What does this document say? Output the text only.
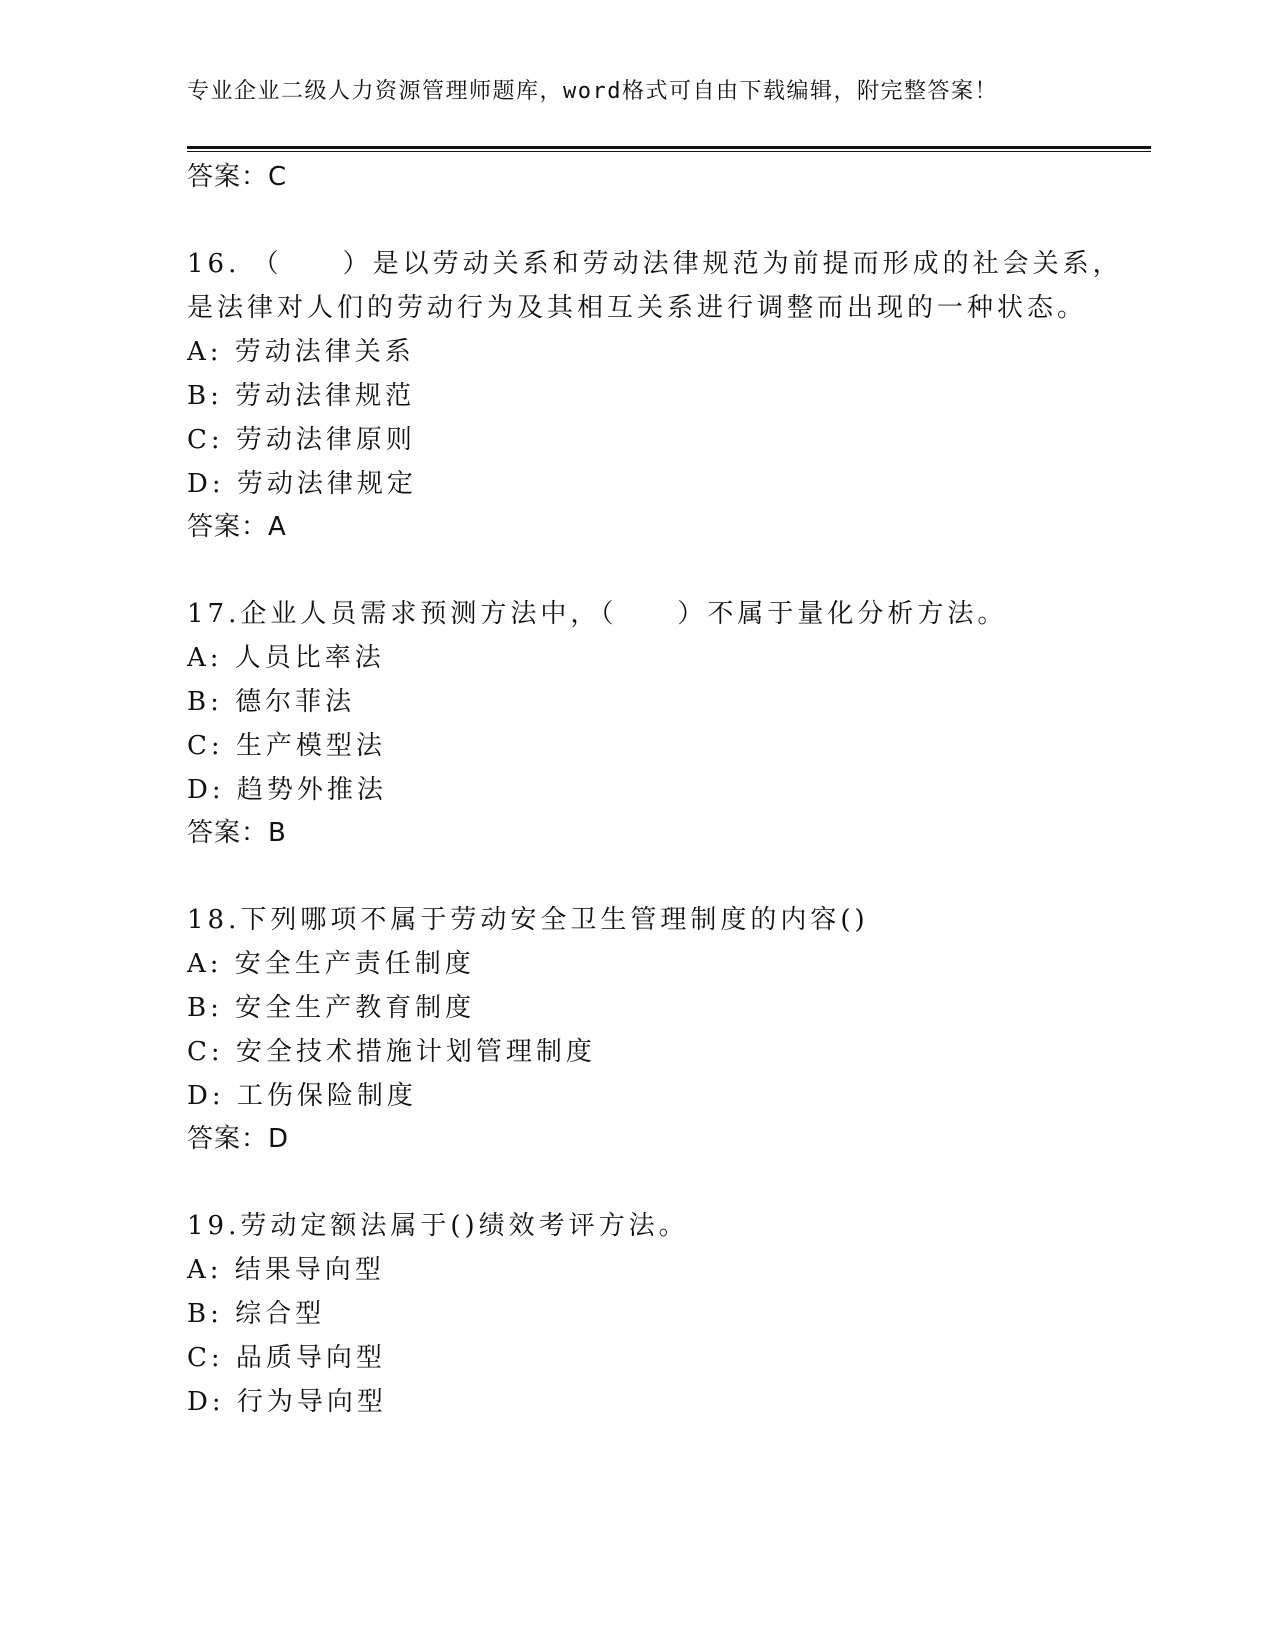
专业企业二级人力资源管理师题库，word格式可自由下载编辑，附完整答案！
答案：C
16. （　　）是以劳动关系和劳动法律规范为前提而形成的社会关系，
是法律对人们的劳动行为及其相互关系进行调整而出现的一种状态。
A: 劳动法律关系
B: 劳动法律规范
C: 劳动法律原则
D: 劳动法律规定
答案：A
17.企业人员需求预测方法中，（　　）不属于量化分析方法。
A: 人员比率法
B: 德尔菲法
C: 生产模型法
D: 趋势外推法
答案：B
18.下列哪项不属于劳动安全卫生管理制度的内容()
A: 安全生产责任制度
B: 安全生产教育制度
C: 安全技术措施计划管理制度
D: 工伤保险制度
答案：D
19.劳动定额法属于()绩效考评方法。
A: 结果导向型
B: 综合型
C: 品质导向型
D: 行为导向型
